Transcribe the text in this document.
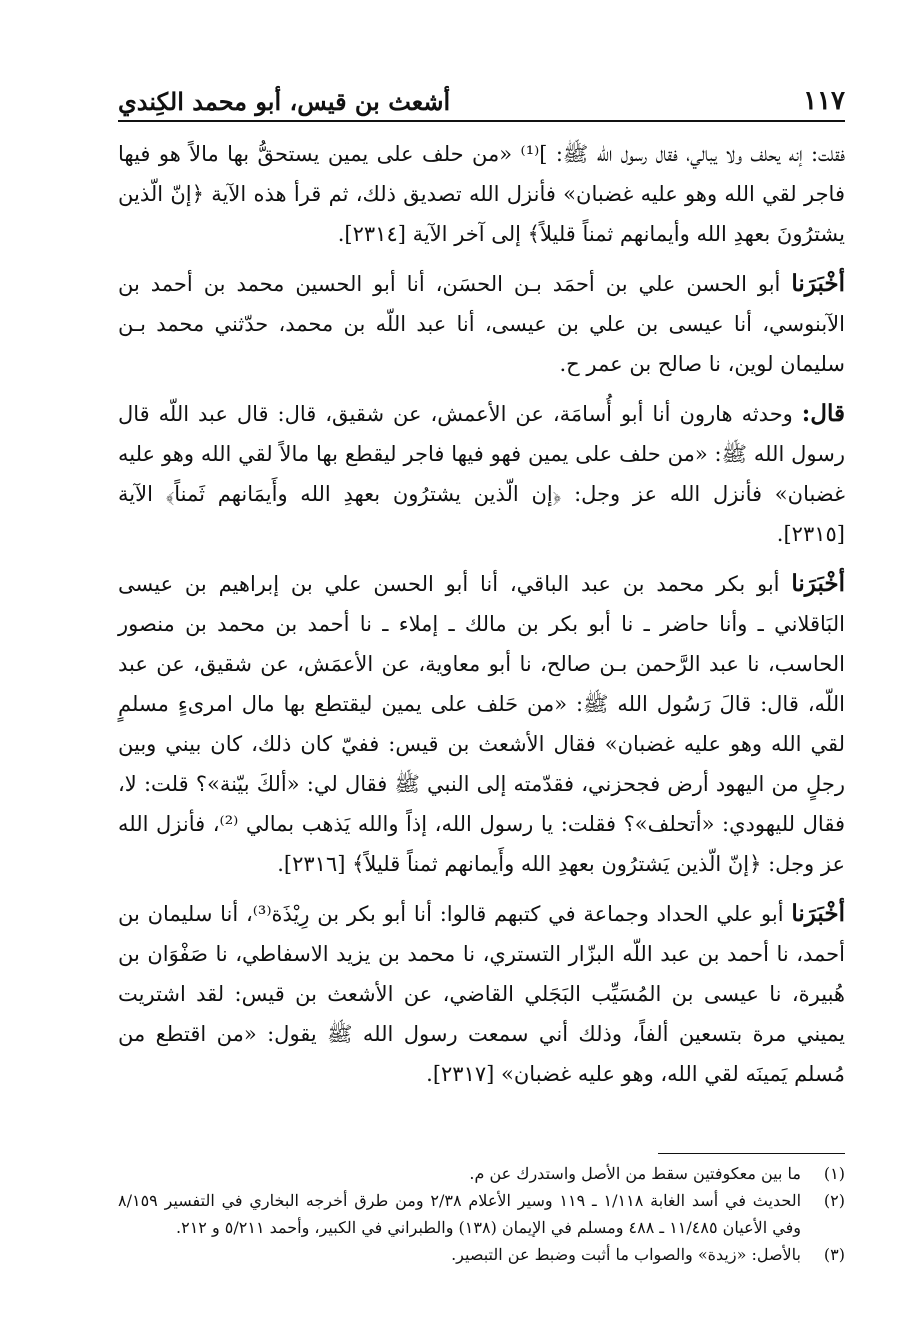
أشعث بن قيس، أبو محمد الكِندي	١١٧

فقلت: إنه يحلف ولا يبالي، فقال رسول الله ﷺ: ]⁽¹⁾ «من حلف على يمين يستحقُّ بها مالاً هو فيها فاجر لقي الله وهو عليه غضبان» فأنزل الله تصديق ذلك، ثم قرأ هذه الآية ﴿إنّ الّذين يشترُونَ بعهدِ الله وأيمانهم ثمناً قليلاً﴾ إلى آخر الآية [٢٣١٤].

أخْبَرَنا أبو الحسن علي بن أحمَد بـن الحسَن، أنا أبو الحسين محمد بن أحمد بن الآبنوسي، أنا عيسى بن علي بن عيسى، أنا عبد اللّه بن محمد، حدّثني محمد بـن سليمان لوين، نا صالح بن عمر ح.

قال: وحدثه هارون أنا أبو أُسامَة، عن الأعمش، عن شقيق، قال: قال عبد اللّه قال رسول الله ﷺ: «من حلف على يمين فهو فيها فاجر ليقطع بها مالاً لقي الله وهو عليه غضبان» فأنزل الله عز وجل: ﴿إن الّذين يشترُون بعهدِ الله وأَيمَانهم ثَمناً﴾ الآية [٢٣١٥].

أخْبَرَنا أبو بكر محمد بن عبد الباقي، أنا أبو الحسن علي بن إبراهيم بن عيسى البَاقلاني ـ وأنا حاضر ـ نا أبو بكر بن مالك ـ إملاء ـ نا أحمد بن محمد بن منصور الحاسب، نا عبد الرَّحمن بـن صالح، نا أبو معاوية، عن الأعمَش، عن شقيق، عن عبد اللّه، قال: قالَ رَسُول الله ﷺ: «من حَلف على يمين ليقتطع بها مال امرىءٍ مسلمٍ لقي الله وهو عليه غضبان» فقال الأشعث بن قيس: ففيّ كان ذلك، كان بيني وبين رجلٍ من اليهود أرض فجحزني، فقدّمته إلى النبي ﷺ فقال لي: «ألكَ بيّنة»؟ قلت: لا، فقال لليهودي: «أتحلف»؟ فقلت: يا رسول الله، إذاً والله يَذهب بمالي ⁽²⁾، فأنزل الله عز وجل: ﴿إنّ الّذين يَشترُون بعهدِ الله وأَيمانهم ثمناً قليلاً﴾ [٢٣١٦].

أخْبَرَنا أبو علي الحداد وجماعة في كتبهم قالوا: أنا أبو بكر بن رِيْذَة⁽³⁾، أنا سليمان بن أحمد، نا أحمد بن عبد اللّه البزّار التستري، نا محمد بن يزيد الاسفاطي، نا صَفْوَان بن هُبيرة، نا عيسى بن المُسَيِّب البَجَلي القاضي، عن الأشعث بن قيس: لقد اشتريت يميني مرة بتسعين ألفاً، وذلك أني سمعت رسول الله ﷺ يقول: «من اقتطع من مُسلم يَمينَه لقي الله، وهو عليه غضبان» [٢٣١٧].

(١)
ما بين معكوفتين سقط من الأصل واستدرك عن م.
(٢)
الحديث في أسد الغابة ١/١١٨ ـ ١١٩ وسير الأعلام ٢/٣٨ ومن طرق أخرجه البخاري في التفسير ٨/١٥٩ وفي الأعيان ١١/٤٨٥ ـ ٤٨٨ ومسلم في الإيمان (١٣٨) والطبراني في الكبير، وأحمد ٥/٢١١ و ٢١٢.
(٣)
بالأصل: «زيدة» والصواب ما أثبت وضبط عن التبصير.
